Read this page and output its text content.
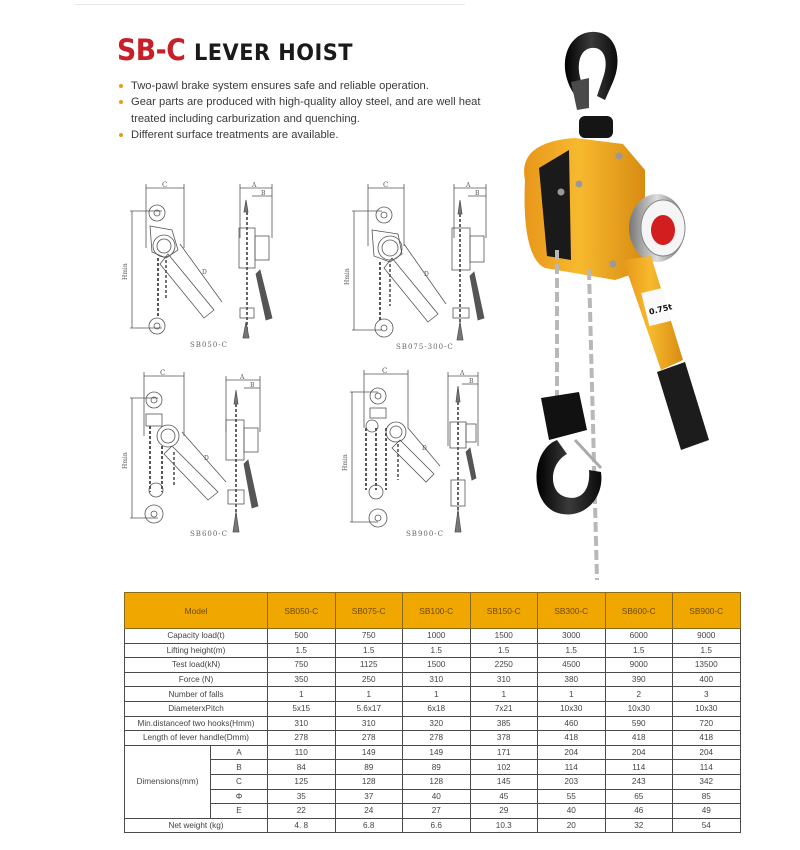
SB-C LEVER HOIST
Two-pawl brake system ensures safe and reliable operation.
Gear parts are produced with high-quality alloy steel, and are well heat treated including carburization and quenching.
Different surface treatments are available.
C
Hmin	D
A
B
SB050-C
C
Hmin	D
A
B
SB075-300-C
C
Hmin	D
A
B
SB600-C
C
Hmin
D
A
B
SB900-C
0.75t
Model		SB050-C	SB075-C	SB100-C	SB150-C	SB300-C	SB600-C	SB900-C
Capacity load(t)		500	750	1000	1500	3000	6000	9000
Lifting height(m)		1.5	1.5	1.5	1.5	1.5	1.5	1.5
Test load(kN)		750	1125	1500	2250	4500	9000	13500
Force (N)		350	250	310	310	380	390	400
Number of falls		1	1	1	1	1	2	3
DiameterxPitch		5x15	5.6x17	6x18	7x21	10x30	10x30	10x30
Min.distanceof two hooks(Hmm)		310	310	320	385	460	590	720
Length of lever handle(Dmm)		278	278	278	378	418	418	418
Dimensions(mm)	A	110	149	149	171	204	204	204
	B	84	89	89	102	114	114	114
	C	125	128	128	145	203	243	342
	Φ	35	37	40	45	55	65	85
	E	22	24	27	29	40	46	49
Net weight (kg)		4. 8	6.8	6.6	10.3	20	32	54
